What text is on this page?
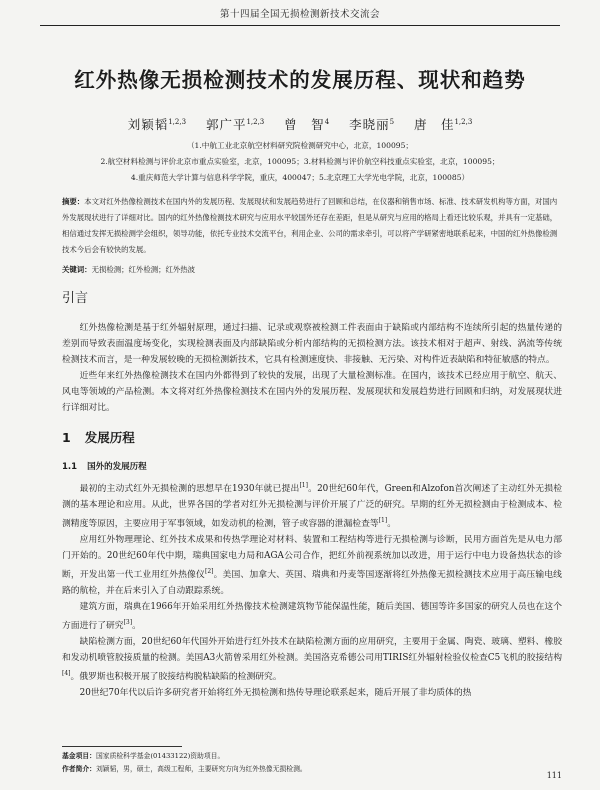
第十四届全国无损检测新技术交流会
红外热像无损检测技术的发展历程、现状和趋势
刘颖韬$^{1,2,3}$ 郭广平$^{1,2,3}$ 曾　智$^4$ 李晓丽$^5$ 唐　佳$^{1,2,3}$
（1.中航工业北京航空材料研究院检测研究中心，北京，100095；
2.航空材料检测与评价北京市重点实验室，北京，100095；3.材料检测与评价航空科技重点实验室，北京，100095；
4.重庆师范大学计算与信息科学学院，重庆，400047；5.北京理工大学光电学院，北京，100085）
摘要：本文对红外热像检测技术在国内外的发展历程、发展现状和发展趋势进行了回顾和总结，在仪器和销售市场、标准、技术研发机构等方面，对国内外发展现状进行了详细对比。国内的红外热像检测技术研究与应用水平较国外还存在差距，但是从研究与应用的格局上看还比较乐观，并具有一定基础，相信通过发挥无损检测学会组织，领导功能，依托专业技术交流平台，利用企业、公司的需求牵引，可以将产学研紧密地联系起来，中国的红外热像检测技术今后会有较快的发展。
关键词：无损检测；红外检测；红外热波
引言

红外热像检测是基于红外辐射原理，通过扫描、记录或观察被检测工件表面由于缺陷或内部结构不连续所引起的热量传递的差别而导致表面温度场变化，实现检测表面及内部缺陷或分析内部结构的无损检测方法。该技术相对于超声、射线、涡流等传统检测技术而言，是一种发展较晚的无损检测新技术，它具有检测速度快、非接触、无污染、对构件近表缺陷和特征敏感的特点。

近些年来红外热像检测技术在国内外都得到了较快的发展，出现了大量检测标准。在国内，该技术已经应用于航空、航天、风电等领域的产品检测。本文将对红外热像检测技术在国内外的发展历程、发展现状和发展趋势进行回顾和归纳，对发展现状进行详细对比。

1 发展历程
1.1 国外的发展历程

最初的主动式红外无损检测的思想早在1930年就已提出[1]。20世纪60年代，Green和Alzofon首次阐述了主动红外无损检测的基本理论和应用。从此，世界各国的学者对红外无损检测与评价开展了广泛的研究。早期的红外无损检测由于检测成本、检测精度等原因，主要应用于军事领域，如发动机的检测，管子或容器的泄漏检查等[1]。

应用红外物理理论、红外技术成果和传热学理论对材料、装置和工程结构等进行无损检测与诊断，民用方面首先是从电力部门开始的。20世纪60年代中期，瑞典国家电力局和AGA公司合作，把红外前视系统加以改进，用于运行中电力设备热状态的诊断，开发出第一代工业用红外热像仪[2]。美国、加拿大、英国、瑞典和丹麦等国逐渐将红外热像无损检测技术应用于高压输电线路的航检，并在后来引入了自动跟踪系统。

建筑方面，瑞典在1966年开始采用红外热像技术检测建筑物节能保温性能，随后美国、德国等许多国家的研究人员也在这个方面进行了研究[3]。

缺陷检测方面，20世纪60年代国外开始进行红外技术在缺陷检测方面的应用研究，主要用于金属、陶瓷、玻璃、塑料、橡胶和发动机喷管胶接质量的检测。美国A3火箭曾采用红外检测。美国洛克希德公司用TIRIS红外辐射检验仪检查C5飞机的胶接结构[4]。俄罗斯也积极开展了胶接结构脱粘缺陷的检测研究。

20世纪70年代以后许多研究者开始将红外无损检测和热传导理论联系起来，随后开展了非均质体的热

基金项目：国家质检科学基金(01433122)资助项目。
作者简介：刘颖韬，男，硕士，高级工程师，主要研究方向为红外热像无损检测。
111
